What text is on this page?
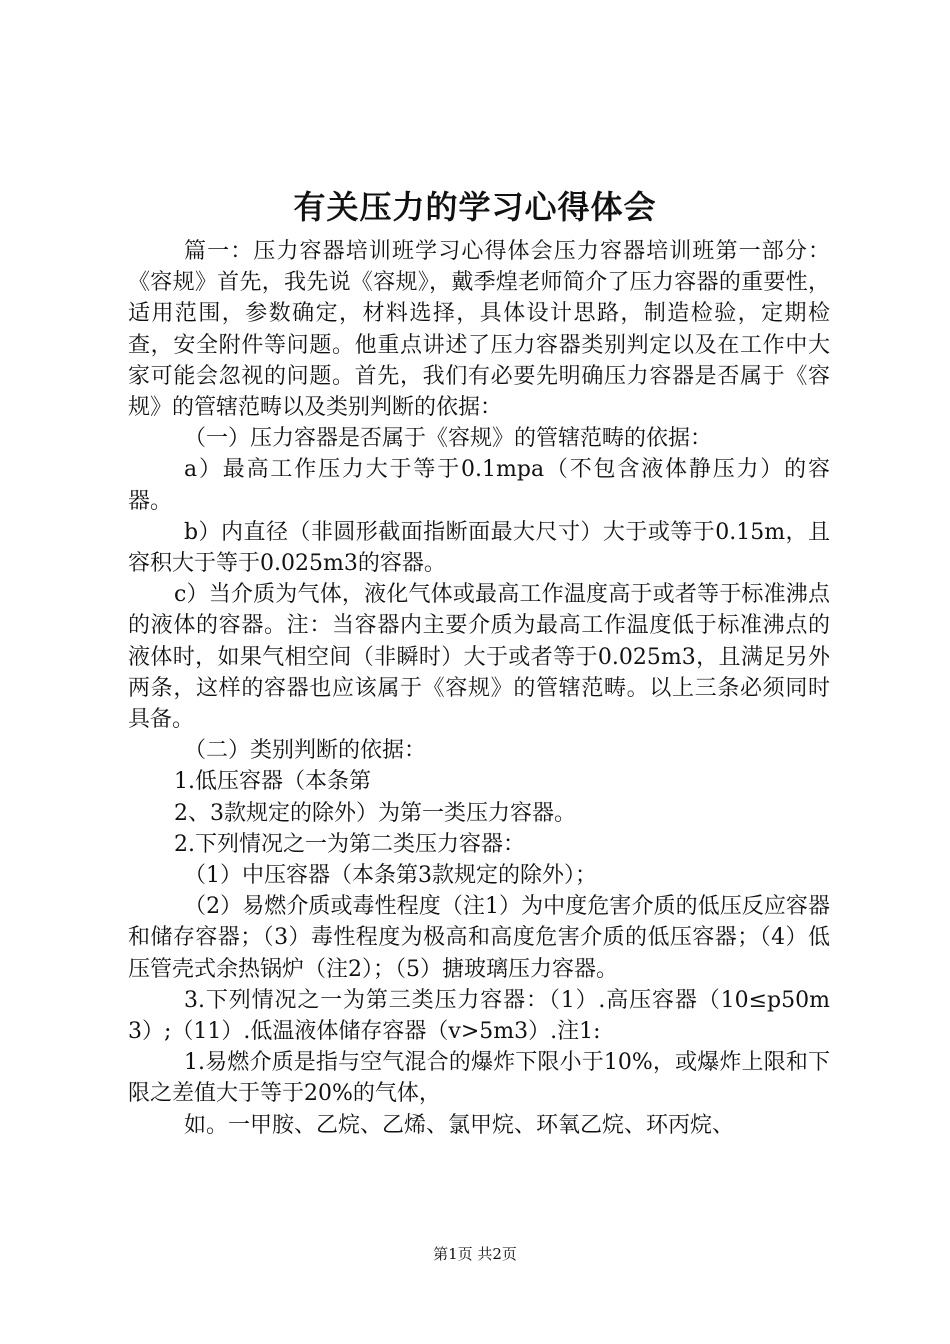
有关压力的学习心得体会

篇一：压力容器培训班学习心得体会压力容器培训班第一部分：《容规》首先，我先说《容规》，戴季煌老师简介了压力容器的重要性，适用范围，参数确定，材料选择，具体设计思路，制造检验，定期检查，安全附件等问题。他重点讲述了压力容器类别判定以及在工作中大家可能会忽视的问题。首先，我们有必要先明确压力容器是否属于《容规》的管辖范畴以及类别判断的依据：

（一）压力容器是否属于《容规》的管辖范畴的依据：

a）最高工作压力大于等于0.1mpa（不包含液体静压力）的容器。

b）内直径（非圆形截面指断面最大尺寸）大于或等于0.15m，且容积大于等于0.025m3的容器。

c）当介质为气体，液化气体或最高工作温度高于或者等于标准沸点的液体的容器。注：当容器内主要介质为最高工作温度低于标准沸点的液体时，如果气相空间（非瞬时）大于或者等于0.025m3，且满足另外两条，这样的容器也应该属于《容规》的管辖范畴。以上三条必须同时具备。

（二）类别判断的依据：

1.低压容器（本条第

2、3款规定的除外）为第一类压力容器。

2.下列情况之一为第二类压力容器：

（1）中压容器（本条第3款规定的除外）；

（2）易燃介质或毒性程度（注1）为中度危害介质的低压反应容器和储存容器；（3）毒性程度为极高和高度危害介质的低压容器；（4）低压管壳式余热锅炉（注2）；（5）搪玻璃压力容器。

3.下列情况之一为第三类压力容器：（1）.高压容器（10≤p50m3）;（11）.低温液体储存容器（v>5m3）.注1:

1.易燃介质是指与空气混合的爆炸下限小于10%，或爆炸上限和下限之差值大于等于20%的气体，

如。一甲胺、乙烷、乙烯、氯甲烷、环氧乙烷、环丙烷、

第1页 共2页
